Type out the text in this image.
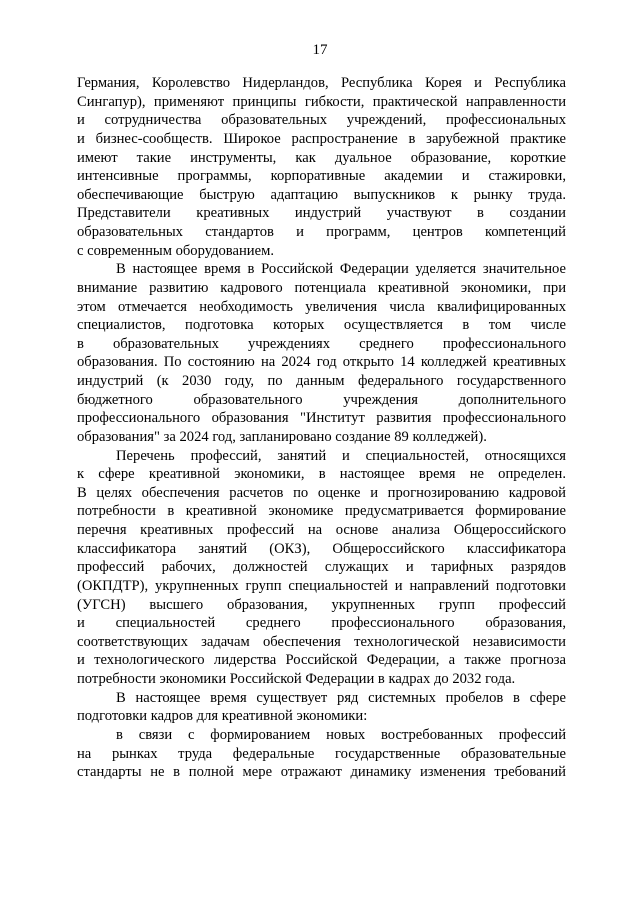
17
Германия, Королевство Нидерландов, Республика Корея и Республика
Сингапур), применяют принципы гибкости, практической направленности
и сотрудничества образовательных учреждений, профессиональных
и бизнес-сообществ. Широкое распространение в зарубежной практике
имеют такие инструменты, как дуальное образование, короткие
интенсивные программы, корпоративные академии и стажировки,
обеспечивающие быструю адаптацию выпускников к рынку труда.
Представители креативных индустрий участвуют в создании
образовательных стандартов и программ, центров компетенций
с современным оборудованием.
В настоящее время в Российской Федерации уделяется значительное
внимание развитию кадрового потенциала креативной экономики, при
этом отмечается необходимость увеличения числа квалифицированных
специалистов, подготовка которых осуществляется в том числе
в образовательных учреждениях среднего профессионального
образования. По состоянию на 2024 год открыто 14 колледжей креативных
индустрий (к 2030 году, по данным федерального государственного
бюджетного образовательного учреждения дополнительного
профессионального образования "Институт развития профессионального
образования" за 2024 год, запланировано создание 89 колледжей).
Перечень профессий, занятий и специальностей, относящихся
к сфере креативной экономики, в настоящее время не определен.
В целях обеспечения расчетов по оценке и прогнозированию кадровой
потребности в креативной экономике предусматривается формирование
перечня креативных профессий на основе анализа Общероссийского
классификатора занятий (ОКЗ), Общероссийского классификатора
профессий рабочих, должностей служащих и тарифных разрядов
(ОКПДТР), укрупненных групп специальностей и направлений подготовки
(УГСН) высшего образования, укрупненных групп профессий
и специальностей среднего профессионального образования,
соответствующих задачам обеспечения технологической независимости
и технологического лидерства Российской Федерации, а также прогноза
потребности экономики Российской Федерации в кадрах до 2032 года.
В настоящее время существует ряд системных пробелов в сфере
подготовки кадров для креативной экономики:
в связи с формированием новых востребованных профессий
на рынках труда федеральные государственные образовательные
стандарты не в полной мере отражают динамику изменения требований
